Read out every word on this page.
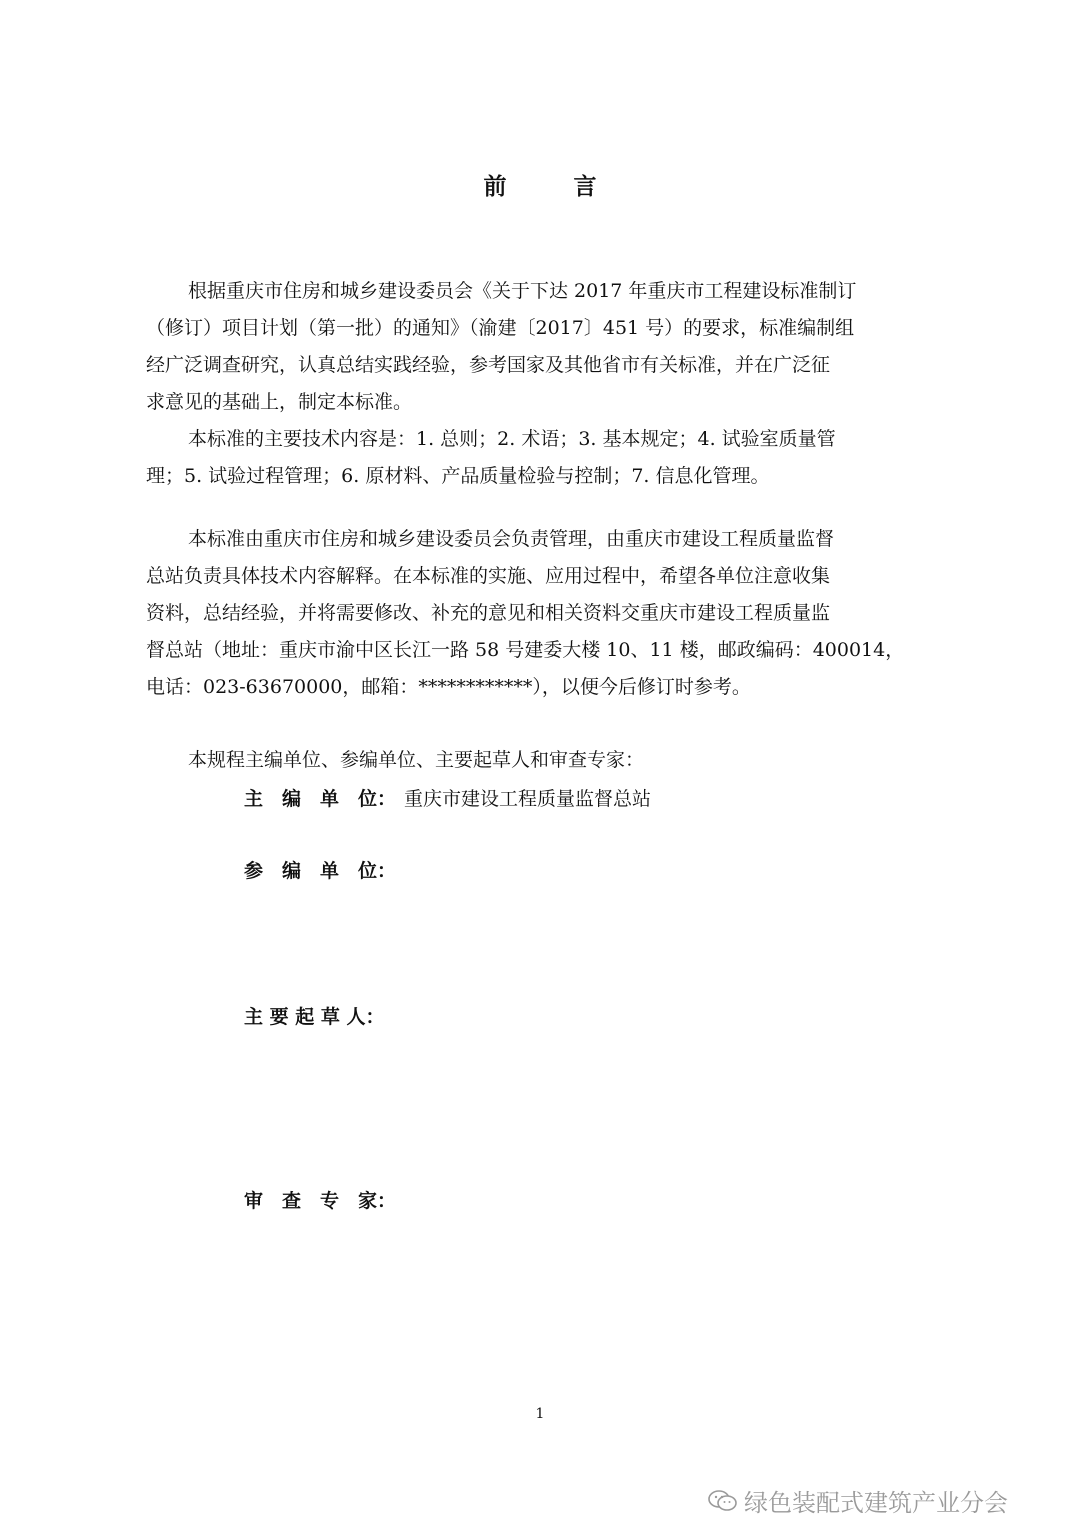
前　言

根据重庆市住房和城乡建设委员会《关于下达 2017 年重庆市工程建设标准制订
（修订）项目计划（第一批）的通知》（渝建〔2017〕451 号）的要求，标准编制组
经广泛调查研究，认真总结实践经验，参考国家及其他省市有关标准，并在广泛征
求意见的基础上，制定本标准。

本标准的主要技术内容是：1. 总则；2. 术语；3. 基本规定；4. 试验室质量管
理；5. 试验过程管理；6. 原材料、产品质量检验与控制；7. 信息化管理。

本标准由重庆市住房和城乡建设委员会负责管理，由重庆市建设工程质量监督
总站负责具体技术内容解释。在本标准的实施、应用过程中，希望各单位注意收集
资料，总结经验，并将需要修改、补充的意见和相关资料交重庆市建设工程质量监
督总站（地址：重庆市渝中区长江一路 58 号建委大楼 10、11 楼，邮政编码：400014，
电话：023-63670000，邮箱：************），以便今后修订时参考。

本规程主编单位、参编单位、主要起草人和审查专家：

主　编　单　位： 重庆市建设工程质量监督总站
参　编　单　位：
主 要 起 草 人：
审　查　专　家：
1
绿色装配式建筑产业分会
